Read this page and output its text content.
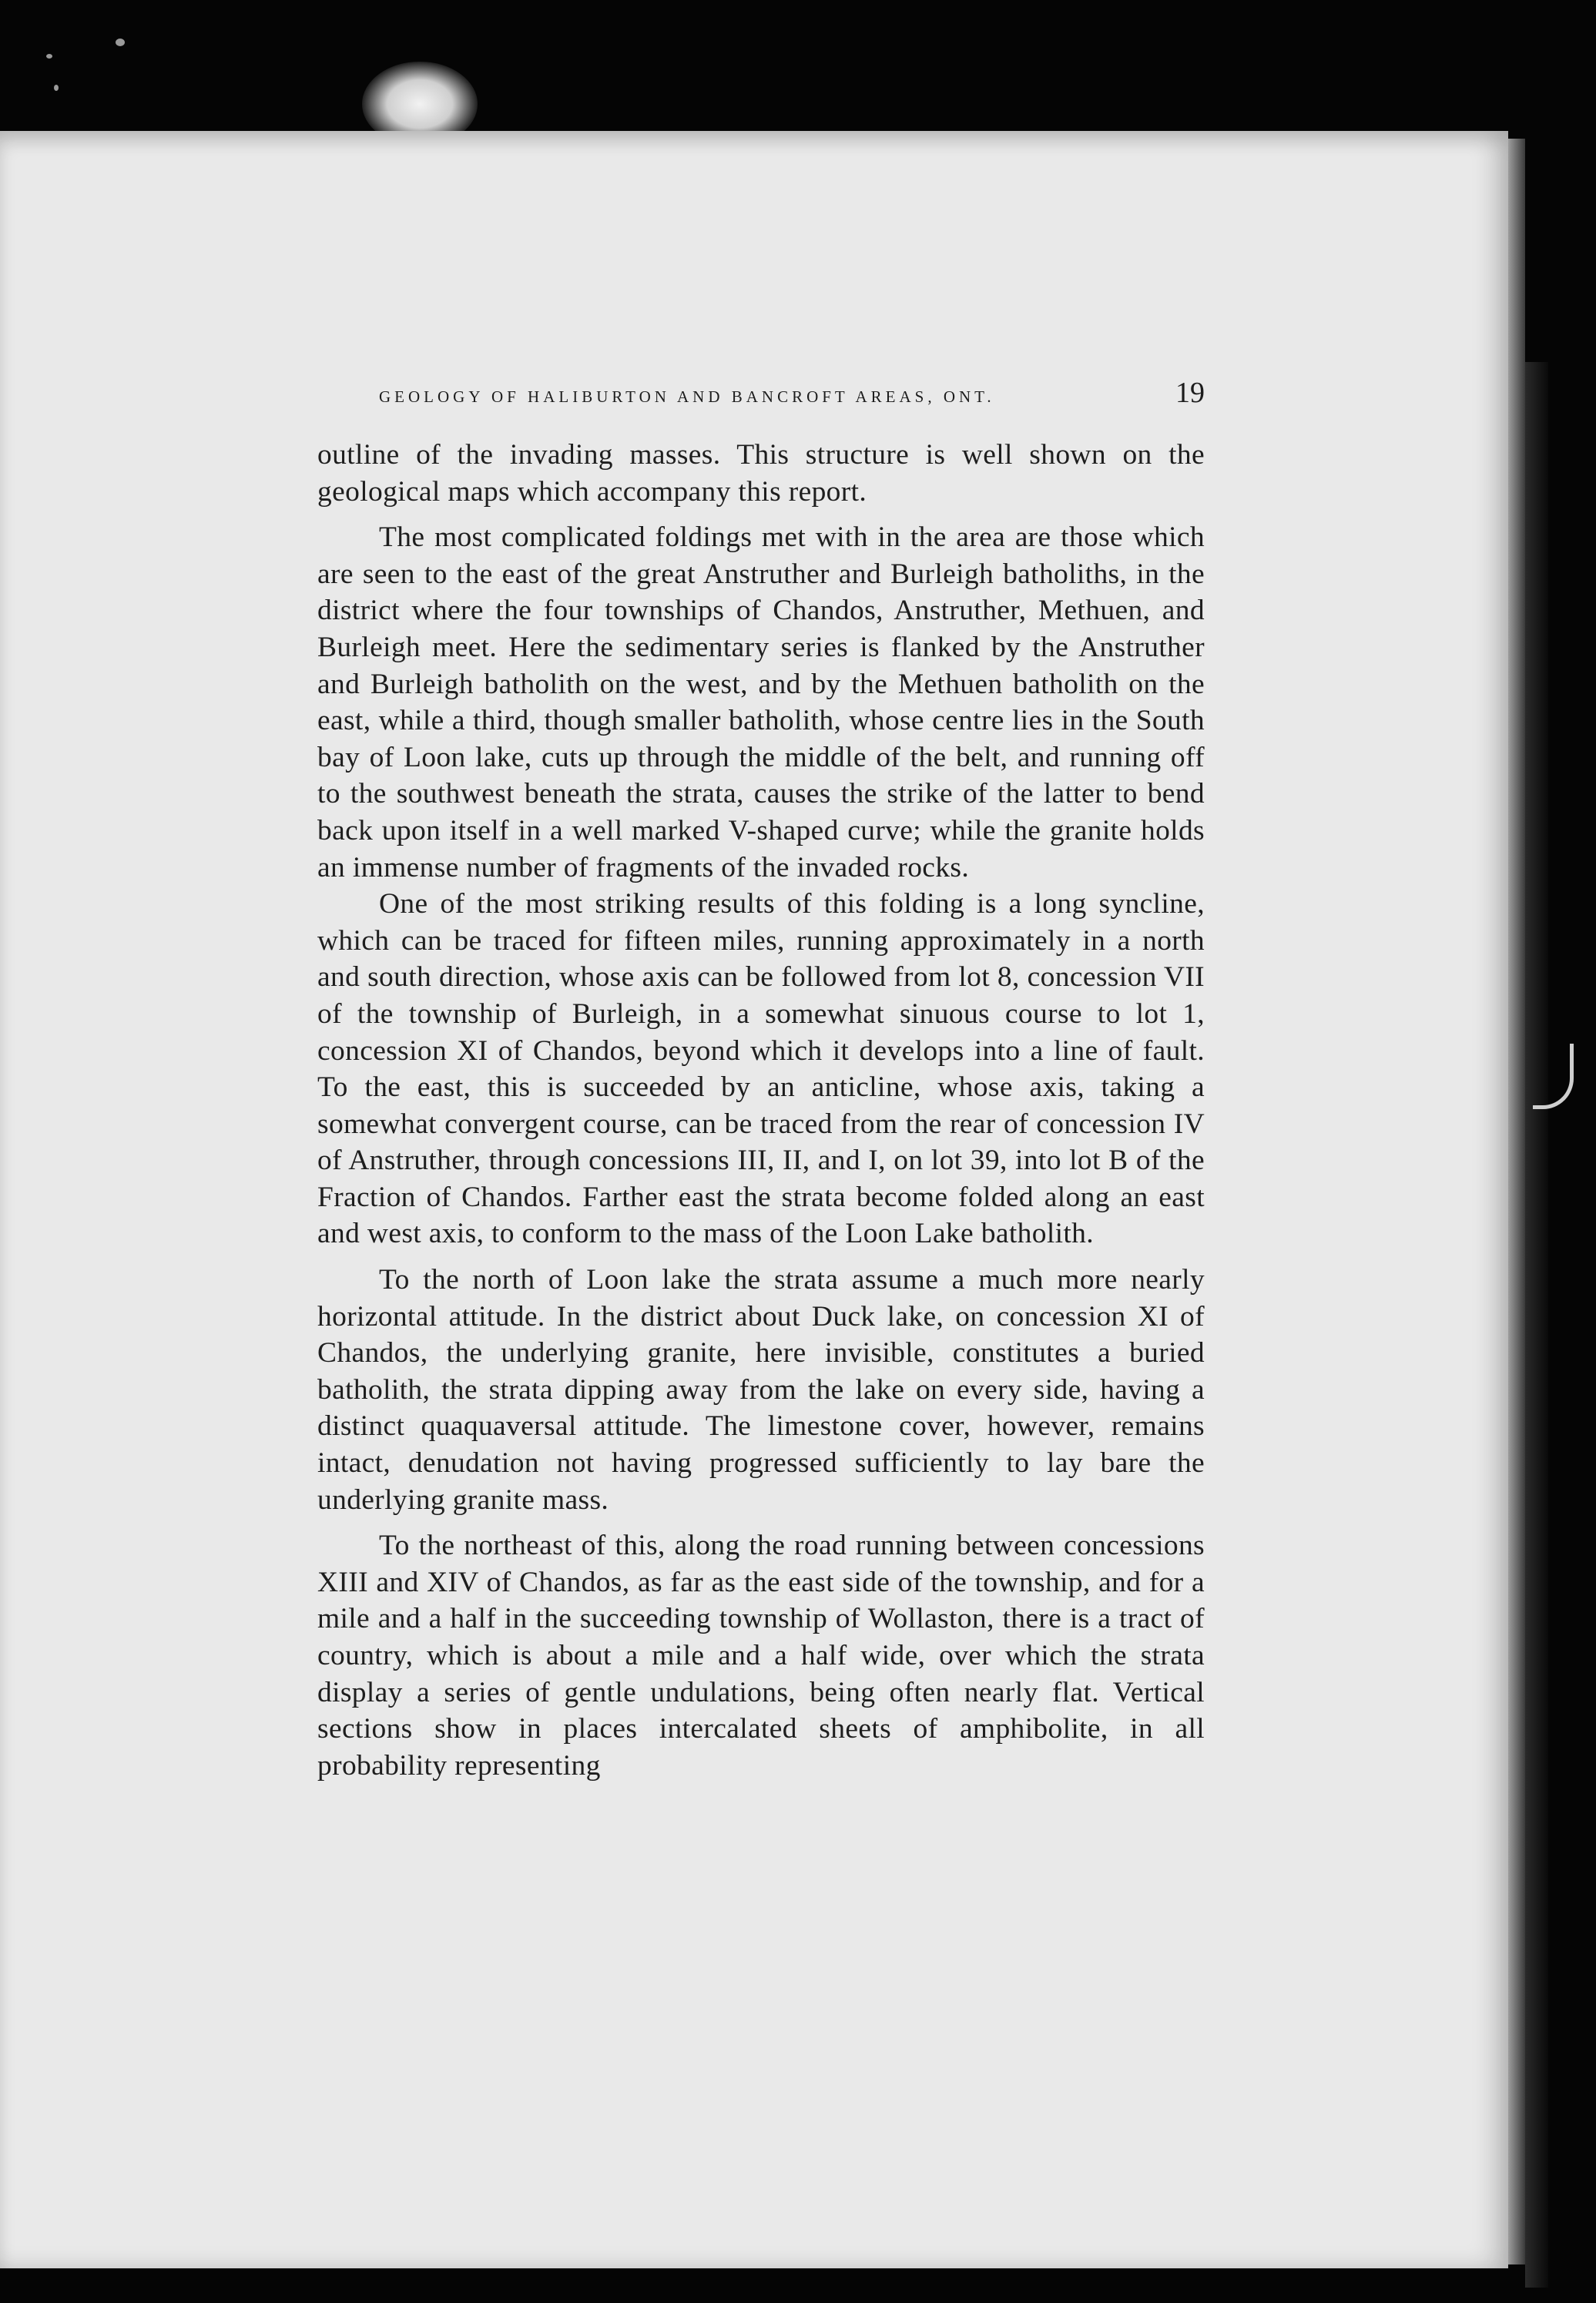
GEOLOGY OF HALIBURTON AND BANCROFT AREAS, ONT.	19

outline of the invading masses. This structure is well shown on the geological maps which accompany this report.

The most complicated foldings met with in the area are those which are seen to the east of the great Anstruther and Burleigh batholiths, in the district where the four townships of Chandos, Anstruther, Methuen, and Burleigh meet. Here the sedimentary series is flanked by the Anstruther and Burleigh batholith on the west, and by the Methuen batholith on the east, while a third, though smaller batholith, whose centre lies in the South bay of Loon lake, cuts up through the middle of the belt, and running off to the southwest beneath the strata, causes the strike of the latter to bend back upon itself in a well marked V-shaped curve; while the granite holds an immense number of fragments of the invaded rocks.

One of the most striking results of this folding is a long syncline, which can be traced for fifteen miles, running approximately in a north and south direction, whose axis can be followed from lot 8, concession VII of the township of Burleigh, in a somewhat sinuous course to lot 1, concession XI of Chandos, beyond which it develops into a line of fault. To the east, this is succeeded by an anticline, whose axis, taking a somewhat convergent course, can be traced from the rear of concession IV of Anstruther, through concessions III, II, and I, on lot 39, into lot B of the Fraction of Chandos. Farther east the strata become folded along an east and west axis, to conform to the mass of the Loon Lake batholith.

To the north of Loon lake the strata assume a much more nearly horizontal attitude. In the district about Duck lake, on concession XI of Chandos, the underlying granite, here invisible, constitutes a buried batholith, the strata dipping away from the lake on every side, having a distinct quaquaversal attitude. The limestone cover, however, remains intact, denudation not having progressed sufficiently to lay bare the underlying granite mass.

To the northeast of this, along the road running between concessions XIII and XIV of Chandos, as far as the east side of the township, and for a mile and a half in the succeeding township of Wollaston, there is a tract of country, which is about a mile and a half wide, over which the strata display a series of gentle undulations, being often nearly flat. Vertical sections show in places intercalated sheets of amphibolite, in all probability representing
